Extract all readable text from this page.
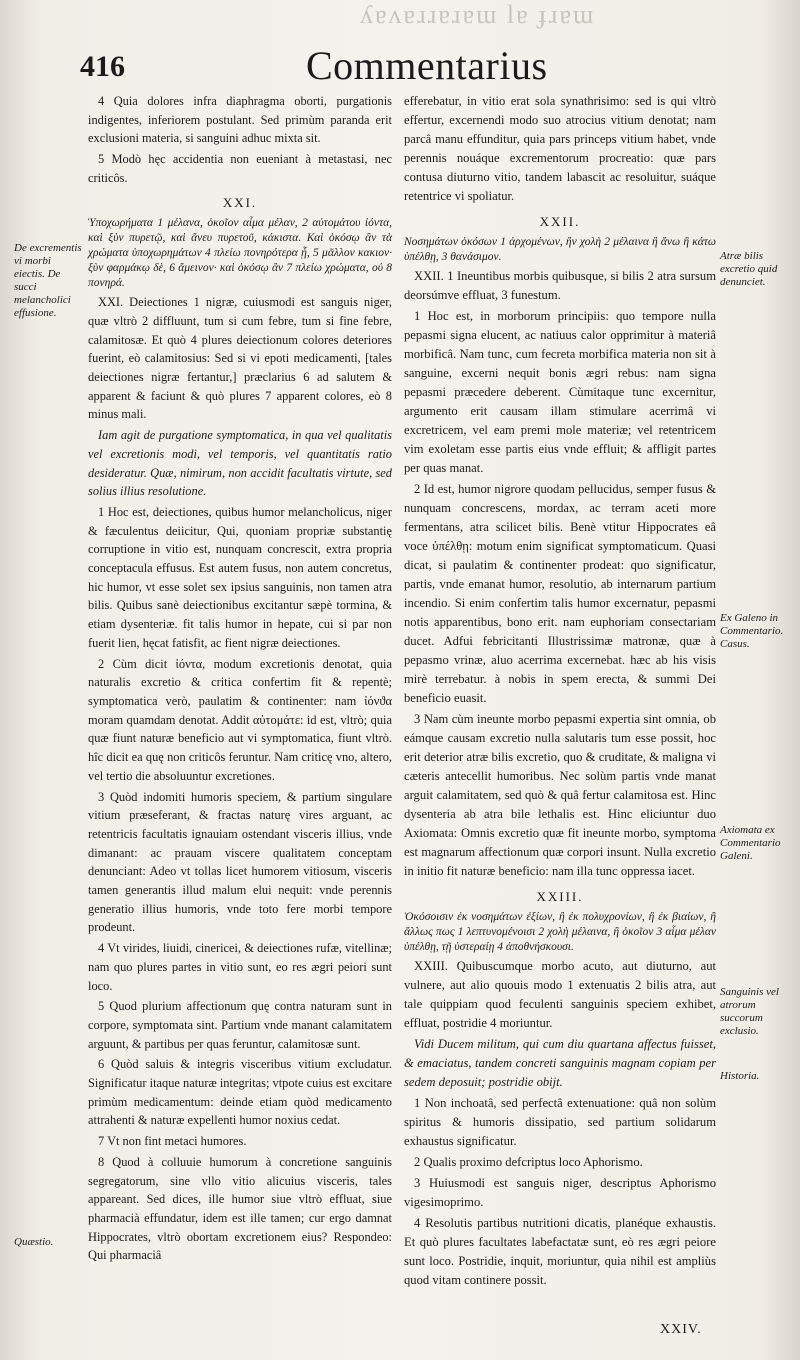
ʎɐʌɐɹɹɐɹɐɯ lɐ ɟɹɐɯ
416	Commentarius

4 Quia dolores infra diaphragma oborti, purgationis indigentes, inferiorem postulant. Sed primùm paranda erit exclusioni materia, si sanguini adhuc mixta sit.

5 Modò hęc accidentia non eueniant à metastasi, nec criticôs.

XXI.

Ὑποχωρήματα 1 μέλανα, ὁκοῖον αἷμα μέλαν, 2 αὐτομάτου ἰόντα, καὶ ξὺν πυρετῷ, καὶ ἄνευ πυρετοῦ, κάκιστα. Καὶ ὁκόσῳ ἂν τὰ χρώματα ὑποχωρημάτων 4 πλείω πονηρότερα ᾖ, 5 μᾶλλον κακιον· ξὺν φαρμάκῳ δὲ, 6 ἄμεινον· καὶ ὁκόσῳ ἂν 7 πλείω χρώματα, οὐ 8 πονηρά.

XXI. Deiectiones 1 nigræ, cuiusmodi est sanguis niger, quæ vltrò 2 diffluunt, tum si cum febre, tum si fine febre, calamitosæ. Et quò 4 plures deiectionum colores deteriores fuerint, eò calamitosius: Sed si vi epoti medicamenti, [tales deiectiones nigræ fertantur,] præclarius 6 ad salutem & apparent & faciunt & quò plures 7 apparent colores, eò 8 minus mali.

Iam agit de purgatione symptomatica, in qua vel qualitatis vel excretionis modi, vel temporis, vel quantitatis ratio desideratur. Quæ, nimirum, non accidit facultatis virtute, sed solius illius resolutione.

1 Hoc est, deiectiones, quibus humor melancholicus, niger & fæculentus deiicitur, Qui, quoniam propriæ substantię corruptione in vitio est, nunquam concrescit, extra propria conceptacula effusus. Est autem fusus, non autem concretus, hic humor, vt esse solet sex ipsius sanguinis, non tamen atra bilis. Quibus sanè deiectionibus excitantur sæpè tormina, & etiam dysenteriæ. fit talis humor in hepate, cui si par non fuerit lien, hęcat fatisfit, ac fient nigræ deiectiones.

2 Cùm dicit ἰόντα, modum excretionis denotat, quia naturalis excretio & critica confertim fit & repentè; symptomatica verò, paulatim & continenter: nam ἰόνϑα moram quamdam denotat. Addit αὐτομάτε: id est, vltrò; quia quæ fiunt naturæ beneficio aut vi symptomatica, fiunt vltrò. hîc dicit ea quę non criticôs feruntur. Nam criticę vno, altero, vel tertio die absoluuntur excretiones.

3 Quòd indomiti humoris speciem, & partium singulare vitium præseferant, & fractas naturę vires arguant, ac retentricis facultatis ignauiam ostendant visceris illius, vnde dimanant: ac prauam viscere qualitatem conceptam denunciant: Adeo vt tollas licet humorem vitiosum, visceris tamen generantis illud malum elui nequit: vnde perennis generatio illius humoris, vnde toto fere morbi tempore prodeunt.

4 Vt virides, liuidi, cinericei, & deiectiones rufæ, vitellinæ; nam quo plures partes in vitio sunt, eo res ægri peiori sunt loco.

5 Quod plurium affectionum quę contra naturam sunt in corpore, symptomata sint. Partium vnde manant calamitatem arguunt, & partibus per quas feruntur, calamitosæ sunt.

6 Quòd saluis & integris visceribus vitium excludatur. Significatur itaque naturæ integritas; vtpote cuius est excitare primùm medicamentum: deinde etiam quòd medicamento attrahenti & naturæ expellenti humor noxius cedat.

7 Vt non fint metaci humores.

8 Quod à colluuie humorum à concretione sanguinis segregatorum, sine vllo vitio alicuius visceris, tales appareant. Sed dices, ille humor siue vltrò effluat, siue pharmacià effundatur, idem est ille tamen; cur ergo damnat Hippocrates, vltrò obortam excretionem eius? Respondeo: Qui pharmaciâ

efferebatur, in vitio erat sola synathrisimo: sed is qui vltrò effertur, excernendi modo suo atrocius vitium denotat; nam parcâ manu effunditur, quia pars princeps vitium habet, vnde perennis nouáque excrementorum procreatio: quæ pars contusa diuturno vitio, tandem labascit ac resoluitur, suáque retentrice vi spoliatur.

XXII.

Νοσημάτων ὁκόσων 1 ἀρχομένων, ἢν χολὴ 2 μέλαινα ἢ ἄνω ἢ κάτω ὑπέλθῃ, 3 θανάσιμον.

XXII. 1 Ineuntibus morbis quibusque, si bilis 2 atra sursum deorsúmve effluat, 3 funestum.

1 Hoc est, in morborum principiis: quo tempore nulla pepasmi signa elucent, ac natiuus calor opprimitur à materiâ morbificâ. Nam tunc, cum fecreta morbifica materia non sit à sanguine, excerni nequit bonis ægri rebus: nam signa pepasmi præcedere deberent. Cùmitaque tunc excernitur, argumento erit causam illam stimulare acerrimâ vi excretricem, vel eam premi mole materiæ; vel retentricem vim exoletam esse partis eius vnde effluit; & affligit partes per quas manat.

2 Id est, humor nigrore quodam pellucidus, semper fusus & nunquam concrescens, mordax, ac terram aceti more fermentans, atra scilicet bilis. Benè vtitur Hippocrates eâ voce ὑπέλθῃ: motum enim significat symptomaticum. Quasi dicat, si paulatim & continenter prodeat: quo significatur, partis, vnde emanat humor, resolutio, ab internarum partium incendio. Si enim confertim talis humor excernatur, pepasmi notis apparentibus, bono erit. nam euphoriam consectariam ducet. Adfui febricitanti Illustrissimæ matronæ, quæ à pepasmo vrinæ, aluo acerrima excernebat. hæc ab his visis mirè terrebatur. à nobis in spem erecta, & summi Dei beneficio euasit.

3 Nam cùm ineunte morbo pepasmi expertia sint omnia, ob eámque causam excretio nulla salutaris tum esse possit, hoc erit deterior atræ bilis excretio, quo & cruditate, & maligna vi cæteris antecellit humoribus. Nec solùm partis vnde manat arguit calamitatem, sed quò & quâ fertur calamitosa est. Hinc dysenteria ab atra bile lethalis est. Hinc eliciuntur duo Axiomata: Omnis excretio quæ fit ineunte morbo, symptoma est magnarum affectionum quæ corpori insunt. Nulla excretio in initio fit naturæ beneficio: nam illa tunc oppressa iacet.

XXIII.

Ὁκόσοισιν ἐκ νοσημάτων ἐξίων, ἢ ἐκ πολυχρονίων, ἢ ἐκ βιαίων, ἢ ἄλλως πως 1 λεπτυνομένοισι 2 χολὴ μέλαινα, ἢ ὁκοῖον 3 αἷμα μέλαν ὑπέλθῃ, τῇ ὑστεραίῃ 4 ἀποθνήσκουσι.

XXIII. Quibuscumque morbo acuto, aut diuturno, aut vulnere, aut alio quouis modo 1 extenuatis 2 bilis atra, aut tale quippiam quod feculenti sanguinis speciem exhibet, effluat, postridie 4 moriuntur.

Vidi Ducem militum, qui cum diu quartana affectus fuisset, & emaciatus, tandem concreti sanguinis magnam copiam per sedem deposuit; postridie obijt.

1 Non inchoatâ, sed perfectâ extenuatione: quâ non solùm spiritus & humoris dissipatio, sed partium solidarum exhaustus significatur.

2 Qualis proximo defcriptus loco Aphorismo.

3 Huiusmodi est sanguis niger, descriptus Aphorismo vigesimoprimo.

4 Resolutis partibus nutritioni dicatis, planéque exhaustis. Et quò plures facultates labefactatæ sunt, eò res ægri peiore sunt loco. Postridie, inquit, moriuntur, quia nihil est ampliùs quod vitam continere possit.

De excrementis vi morbi eiectis. De succi melancholici effusione.
Atræ bilis excretio quid denunciet.
Ex Galeno in Commentario. Casus.
Axiomata ex Commentario Galeni.
Sanguinis vel atrorum succorum exclusio.
Historia.
Quæstio.
XXIV.
